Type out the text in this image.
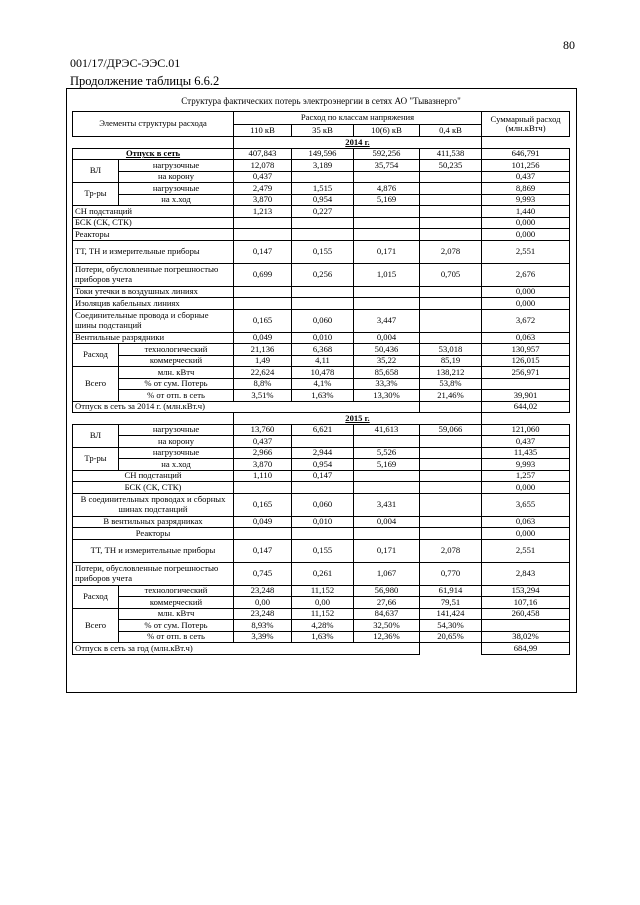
80
001/17/ДРЭС-ЭЭС.01
Продолжение таблицы 6.6.2
Структура фактических потерь электроэнергии в сетях АО "Тывазнерго"						
Элементы структуры расхода		Расход по классам напряжения				Суммарный расход (млн.кВтч)
		110 кВ	35 кВ	10(6) кВ	0,4 кВ	
		2014 г.				
Отпуск в сеть		407,843	149,596	592,256	411,538	646,791
ВЛ	нагрузочные	12,078	3,189	35,754	50,235	101,256
	на корону	0,437				0,437
Тр-ры	нагрузочные	2,479	1,515	4,876		8,869
	на х.ход	3,870	0,954	5,169		9,993
СН подстанций		1,213	0,227			1,440
БСК (СК, СТК)						0,000
Реакторы						0,000
ТТ, ТН и измерительные приборы		0,147	0,155	0,171	2,078	2,551
Потери, обусловленные погрешностью приборов учета		0,699	0,256	1,015	0,705	2,676
Токи утечки в воздушных линиях						0,000
Изоляцив кабельных линиях						0,000
Соединительные провода и сборные шины подстанций		0,165	0,060	3,447		3,672
Вентильные разрядники		0,049	0,010	0,004		0,063
Расход	технологический	21,136	6,368	50,436	53,018	130,957
	коммерческий	1,49	4,11	35,22	85,19	126,015
Всего	млн. кВтч	22,624	10,478	85,658	138,212	256,971
	% от сум. Потерь	8,8%	4,1%	33,3%	53,8%	
	% от отп. в сеть	3,51%	1,63%	13,30%	21,46%	39,901
Отпуск в сеть за 2014 г. (млн.кВт.ч)						644,02
		2015 г.				
ВЛ	нагрузочные	13,760	6,621	41,613	59,066	121,060
	на корону	0,437				0,437
Тр-ры	нагрузочные	2,966	2,944	5,526		11,435
	на х.ход	3,870	0,954	5,169		9,993
СН подстанций		1,110	0,147			1,257
БСК (СК, СТК)						0,000
В соединительных проводах и сборных шинах подстанций		0,165	0,060	3,431		3,655
В вентильных разрядниках		0,049	0,010	0,004		0,063
Реакторы						0,000
ТТ, ТН и измерительные приборы		0,147	0,155	0,171	2,078	2,551
Потери, обусловленные погрешностью приборов учета		0,745	0,261	1,067	0,770	2,843
Расход	технологический	23,248	11,152	56,980	61,914	153,294
	коммерческий	0,00	0,00	27,66	79,51	107,16
Всего	млн. кВтч	23,248	11,152	84,637	141,424	260,458
	% от сум. Потерь	8,93%	4,28%	32,50%	54,30%	
	% от отп. в сеть	3,39%	1,63%	12,36%	20,65%	38,02%
Отпуск в сеть за год (млн.кВт.ч)						684,99
